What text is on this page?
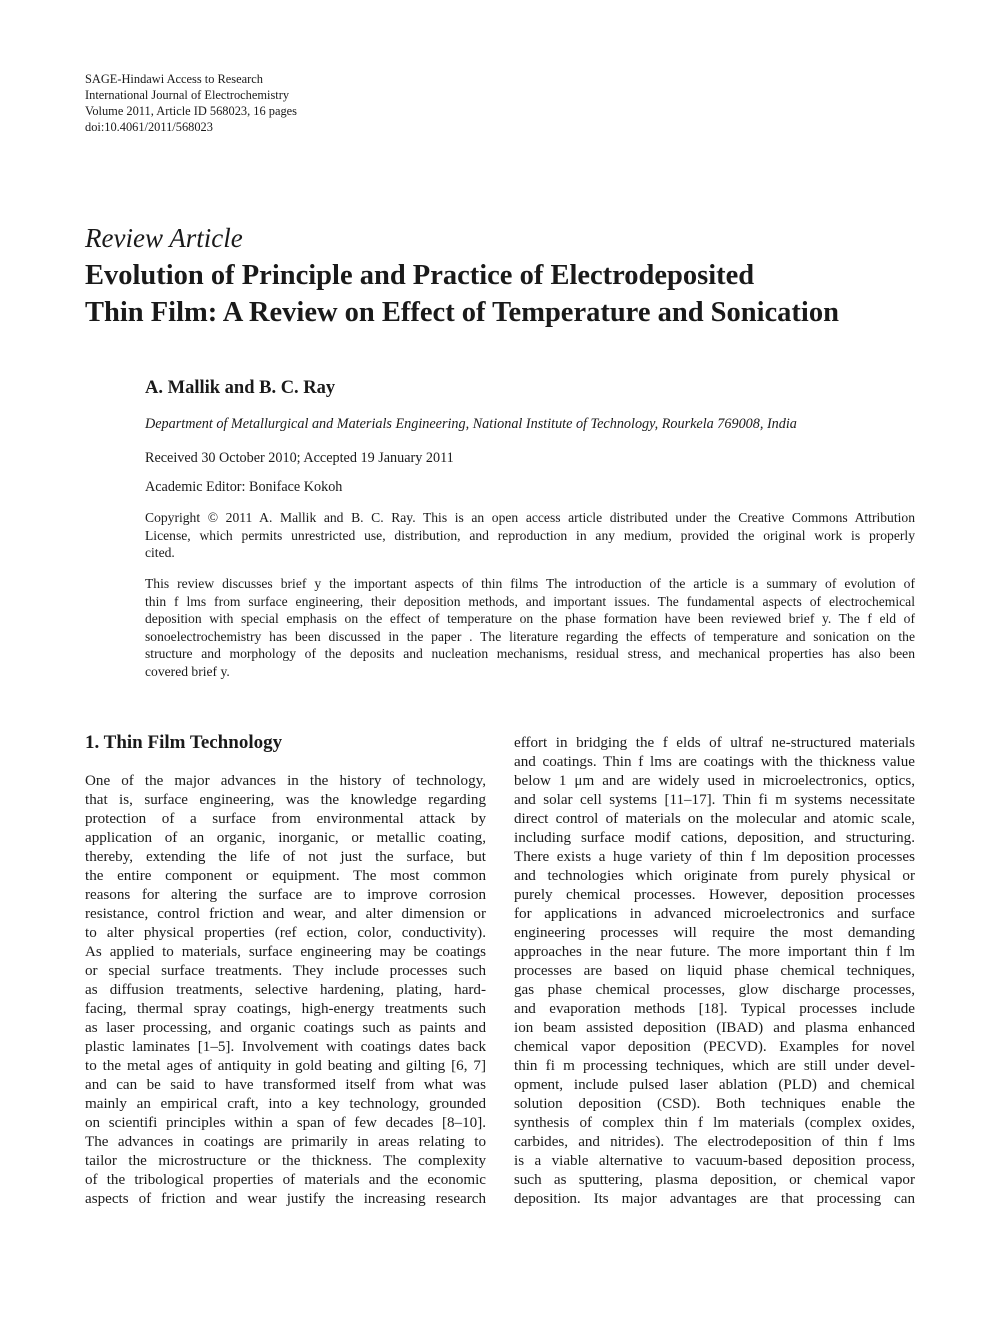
SAGE-Hindawi Access to Research
International Journal of Electrochemistry
Volume 2011, Article ID 568023, 16 pages
doi:10.4061/2011/568023
Review Article
Evolution of Principle and Practice of Electrodeposited
Thin Film: A Review on Effect of Temperature and Sonication
A. Mallik and B. C. Ray
Department of Metallurgical and Materials Engineering, National Institute of Technology, Rourkela 769008, India
Received 30 October 2010; Accepted 19 January 2011
Academic Editor: Boniface Kokoh
Copyright © 2011 A. Mallik and B. C. Ray. This is an open access article distributed under the Creative Commons Attribution
License, which permits unrestricted use, distribution, and reproduction in any medium, provided the original work is properly
cited.
This review discusses brief y the important aspects of thin films The introduction of the article is a summary of evolution of
thin f lms from surface engineering, their deposition methods, and important issues. The fundamental aspects of electrochemical
deposition with special emphasis on the effect of temperature on the phase formation have been reviewed brief y. The f eld of
sonoelectrochemistry has been discussed in the paper . The literature regarding the effects of temperature and sonication on the
structure and morphology of the deposits and nucleation mechanisms, residual stress, and mechanical properties has also been
covered brief y.
1. Thin Film Technology
One of the major advances in the history of technology,
that is, surface engineering, was the knowledge regarding
protection of a surface from environmental attack by
application of an organic, inorganic, or metallic coating,
thereby, extending the life of not just the surface, but
the entire component or equipment. The most common
reasons for altering the surface are to improve corrosion
resistance, control friction and wear, and alter dimension or
to alter physical properties (ref ection, color, conductivity).
As applied to materials, surface engineering may be coatings
or special surface treatments. They include processes such
as diffusion treatments, selective hardening, plating, hard-
facing, thermal spray coatings, high-energy treatments such
as laser processing, and organic coatings such as paints and
plastic laminates [1–5]. Involvement with coatings dates back
to the metal ages of antiquity in gold beating and gilting [6, 7]
and can be said to have transformed itself from what was
mainly an empirical craft, into a key technology, grounded
on scientifi principles within a span of few decades [8–10].
The advances in coatings are primarily in areas relating to
tailor the microstructure or the thickness. The complexity
of the tribological properties of materials and the economic
aspects of friction and wear justify the increasing research
effort in bridging the f elds of ultraf ne-structured materials
and coatings. Thin f lms are coatings with the thickness value
below 1 μm and are widely used in microelectronics, optics,
and solar cell systems [11–17]. Thin fi m systems necessitate
direct control of materials on the molecular and atomic scale,
including surface modif cations, deposition, and structuring.
There exists a huge variety of thin f lm deposition processes
and technologies which originate from purely physical or
purely chemical processes. However, deposition processes
for applications in advanced microelectronics and surface
engineering processes will require the most demanding
approaches in the near future. The more important thin f lm
processes are based on liquid phase chemical techniques,
gas phase chemical processes, glow discharge processes,
and evaporation methods [18]. Typical processes include
ion beam assisted deposition (IBAD) and plasma enhanced
chemical vapor deposition (PECVD). Examples for novel
thin fi m processing techniques, which are still under devel-
opment, include pulsed laser ablation (PLD) and chemical
solution deposition (CSD). Both techniques enable the
synthesis of complex thin f lm materials (complex oxides,
carbides, and nitrides). The electrodeposition of thin f lms
is a viable alternative to vacuum-based deposition process,
such as sputtering, plasma deposition, or chemical vapor
deposition. Its major advantages are that processing can
